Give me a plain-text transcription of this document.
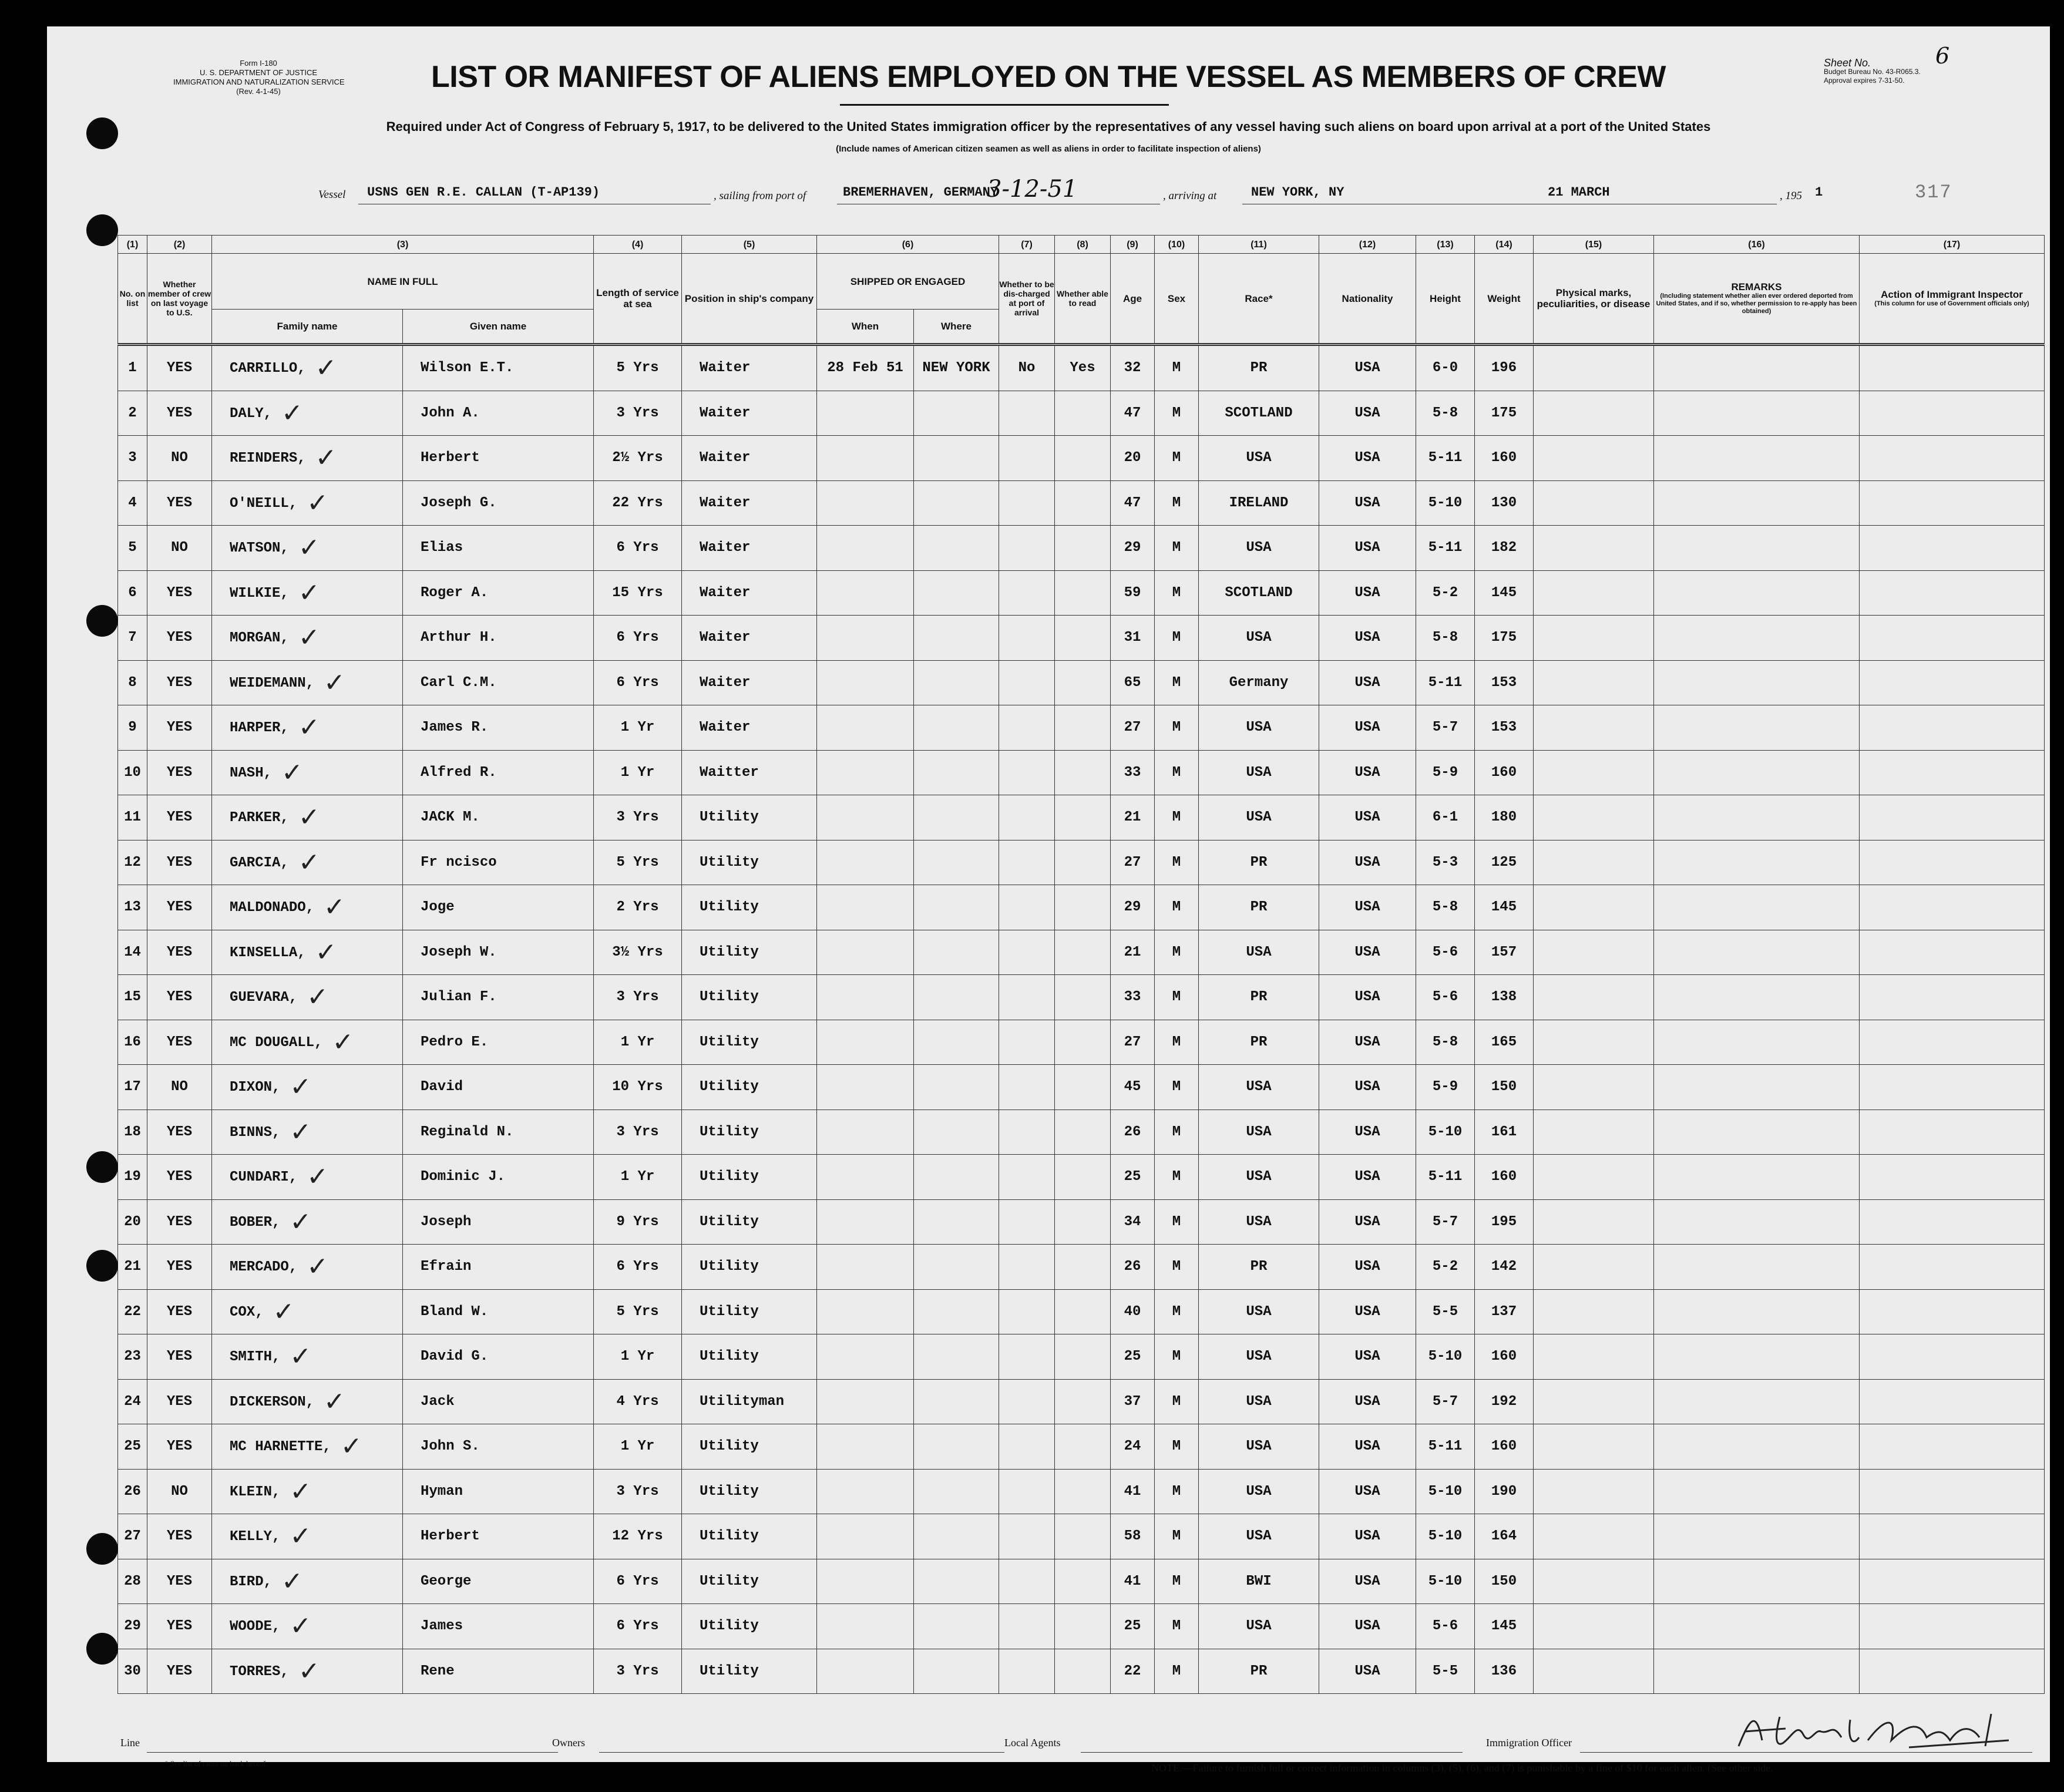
Form I-180
U. S. DEPARTMENT OF JUSTICE
IMMIGRATION AND NATURALIZATION SERVICE
(Rev. 4-1-45)	LIST OR MANIFEST OF ALIENS EMPLOYED ON THE VESSEL AS MEMBERS OF CREW	Sheet No.	6
Budget Bureau No. 43-R065.3.
Approval expires 7-31-50.
Required under Act of Congress of February 5, 1917, to be delivered to the United States immigration officer by the representatives of any vessel having such aliens on board upon arrival at a port of the United States
(Include names of American citizen seamen as well as aliens in order to facilitate inspection of aliens)
Vessel USNS GEN R.E. CALLAN (T-AP139)	, sailing from port of	BREMERHAVEN, GERMANY
3-12-51	, arriving at	NEW YORK, NY	21 MARCH	, 195 1	317
(1)	(2)	(3)		(4)	(5)	(6)		(7)	(8)	(9)	(10)	(11)	(12)	(13)	(14)	(15)	(16)	(17)
No. on list	Whether member of crew on last voyage to U.S.	NAME IN FULL		Length of service at sea	Position in ship's company	SHIPPED OR ENGAGED		Whether to be dis-charged at port of arrival	Whether able to read	Age	Sex	Race*	Nationality	Height	Weight	Physical marks, peculiarities, or disease	REMARKS
(Including statement whether alien ever ordered deported from United States, and if so, whether permission to re-apply has been obtained)	Action of Immigrant Inspector
(This column for use of Government officials only)

		Family name	Given name			When	Where											
1	YES	CARRILLO, ✓	Wilson E.T.	5 Yrs	Waiter	28 Feb 51	NEW YORK	No	Yes	32	M	PR	USA	6-0	196			
2	YES	DALY, ✓	John A.	3 Yrs	Waiter					47	M	SCOTLAND	USA	5-8	175			
3	NO	REINDERS, ✓	Herbert	2½ Yrs	Waiter					20	M	USA	USA	5-11	160			
4	YES	O'NEILL, ✓	Joseph G.	22 Yrs	Waiter					47	M	IRELAND	USA	5-10	130			
5	NO	WATSON, ✓	Elias	6 Yrs	Waiter					29	M	USA	USA	5-11	182			
6	YES	WILKIE, ✓	Roger A.	15 Yrs	Waiter					59	M	SCOTLAND	USA	5-2	145			
7	YES	MORGAN, ✓	Arthur H.	6 Yrs	Waiter					31	M	USA	USA	5-8	175			
8	YES	WEIDEMANN, ✓	Carl C.M.	6 Yrs	Waiter					65	M	Germany	USA	5-11	153			
9	YES	HARPER, ✓	James R.	1 Yr	Waiter					27	M	USA	USA	5-7	153			
10	YES	NASH, ✓	Alfred R.	1 Yr	Waitter					33	M	USA	USA	5-9	160			
11	YES	PARKER, ✓	JACK M.	3 Yrs	Utility					21	M	USA	USA	6-1	180			
12	YES	GARCIA, ✓	Fr ncisco	5 Yrs	Utility					27	M	PR	USA	5-3	125			
13	YES	MALDONADO, ✓	Joge	2 Yrs	Utility					29	M	PR	USA	5-8	145			
14	YES	KINSELLA, ✓	Joseph W.	3½ Yrs	Utility					21	M	USA	USA	5-6	157			
15	YES	GUEVARA, ✓	Julian F.	3 Yrs	Utility					33	M	PR	USA	5-6	138			
16	YES	MC DOUGALL, ✓	Pedro E.	1 Yr	Utility					27	M	PR	USA	5-8	165			
17	NO	DIXON, ✓	David	10 Yrs	Utility					45	M	USA	USA	5-9	150			
18	YES	BINNS, ✓	Reginald N.	3 Yrs	Utility					26	M	USA	USA	5-10	161			
19	YES	CUNDARI, ✓	Dominic J.	1 Yr	Utility					25	M	USA	USA	5-11	160			
20	YES	BOBER, ✓	Joseph	9 Yrs	Utility					34	M	USA	USA	5-7	195			
21	YES	MERCADO, ✓	Efrain	6 Yrs	Utility					26	M	PR	USA	5-2	142			
22	YES	COX, ✓	Bland W.	5 Yrs	Utility					40	M	USA	USA	5-5	137			
23	YES	SMITH, ✓	David G.	1 Yr	Utility					25	M	USA	USA	5-10	160			
24	YES	DICKERSON, ✓	Jack	4 Yrs	Utilityman					37	M	USA	USA	5-7	192			
25	YES	MC HARNETTE, ✓	John S.	1 Yr	Utility					24	M	USA	USA	5-11	160			
26	NO	KLEIN, ✓	Hyman	3 Yrs	Utility					41	M	USA	USA	5-10	190			
27	YES	KELLY, ✓	Herbert	12 Yrs	Utility					58	M	USA	USA	5-10	164			
28	YES	BIRD, ✓	George	6 Yrs	Utility					41	M	BWI	USA	5-10	150			
29	YES	WOODE, ✓	James	6 Yrs	Utility					25	M	USA	USA	5-6	145			
30	YES	TORRES, ✓	Rene	3 Yrs	Utility					22	M	PR	USA	5-5	136			
Line	Owners	Local Agents	Immigration Officer
* See list of races on back hereof.	NOTE.—Failure to furnish full or correct information in columns (3), (5), (6), and (7) is punishable by a fine of $10 for each alien. (See other side.
